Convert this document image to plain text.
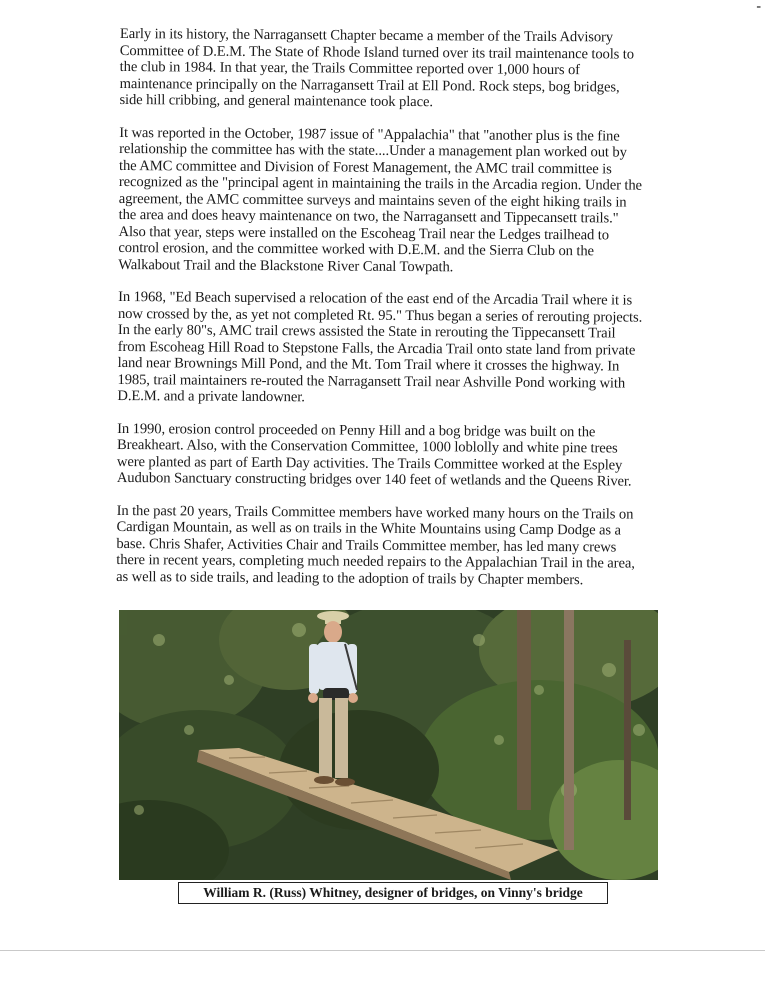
-

Early in its history, the Narragansett Chapter became a member of the Trails Advisory

Committee of D.E.M. The State of Rhode Island turned over its trail maintenance tools to

the club in 1984. In that year, the Trails Committee reported over 1,000 hours of

maintenance principally on the Narragansett Trail at Ell Pond. Rock steps, bog bridges,

side hill cribbing, and general maintenance took place.

It was reported in the October, 1987 issue of "Appalachia" that "another plus is the fine

relationship the committee has with the state....Under a management plan worked out by

the AMC committee and Division of Forest Management, the AMC trail committee is

recognized as the "principal agent in maintaining the trails in the Arcadia region. Under the

agreement, the AMC committee surveys and maintains seven of the eight hiking trails in

the area and does heavy maintenance on two, the Narragansett and Tippecansett trails."

Also that year, steps were installed on the Escoheag Trail near the Ledges trailhead to

control erosion, and the committee worked with D.E.M. and the Sierra Club on the

Walkabout Trail and the Blackstone River Canal Towpath.

In 1968, "Ed Beach supervised a relocation of the east end of the Arcadia Trail where it is

now crossed by the, as yet not completed Rt. 95." Thus began a series of rerouting projects.

In the early 80"s, AMC trail crews assisted the State in rerouting the Tippecansett Trail

from Escoheag Hill Road to Stepstone Falls, the Arcadia Trail onto state land from private

land near Brownings Mill Pond, and the Mt. Tom Trail where it crosses the highway. In

1985, trail maintainers re-routed the Narragansett Trail near Ashville Pond working with

D.E.M. and a private landowner.

In 1990, erosion control proceeded on Penny Hill and a bog bridge was built on the

Breakheart. Also, with the Conservation Committee, 1000 loblolly and white pine trees

were planted as part of Earth Day activities. The Trails Committee worked at the Espley

Audubon Sanctuary constructing bridges over 140 feet of wetlands and the Queens River.

In the past 20 years, Trails Committee members have worked many hours on the Trails on

Cardigan Mountain, as well as on trails in the White Mountains using Camp Dodge as a

base. Chris Shafer, Activities Chair and Trails Committee member, has led many crews

there in recent years, completing much needed repairs to the Appalachian Trail in the area,

as well as to side trails, and leading to the adoption of trails by Chapter members.

William R. (Russ) Whitney, designer of bridges, on Vinny's bridge
